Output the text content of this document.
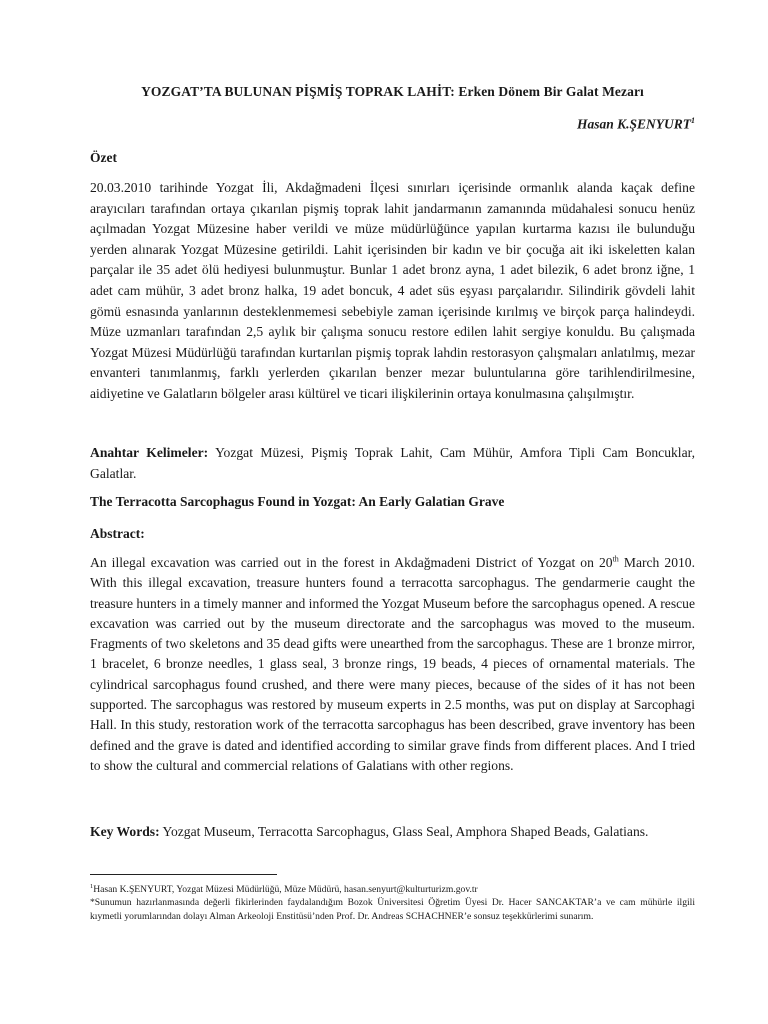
YOZGAT’TA BULUNAN PİŞMİŞ TOPRAK LAHİT: Erken Dönem Bir Galat Mezarı
Hasan K.ŞENYURT$^1$
Özet
20.03.2010 tarihinde Yozgat İli, Akdağmadeni İlçesi sınırları içerisinde ormanlık alanda kaçak define arayıcıları tarafından ortaya çıkarılan pişmiş toprak lahit jandarmanın zamanında müdahalesi sonucu henüz açılmadan Yozgat Müzesine haber verildi ve müze müdürlüğünce yapılan kurtarma kazısı ile bulunduğu yerden alınarak Yozgat Müzesine getirildi. Lahit içerisinden bir kadın ve bir çocuğa ait iki iskeletten kalan parçalar ile 35 adet ölü hediyesi bulunmuştur. Bunlar 1 adet bronz ayna, 1 adet bilezik, 6 adet bronz iğne, 1 adet cam mühür, 3 adet bronz halka, 19 adet boncuk, 4 adet süs eşyası parçalarıdır. Silindirik gövdeli lahit gömü esnasında yanlarının desteklenmemesi sebebiyle zaman içerisinde kırılmış ve birçok parça halindeydi. Müze uzmanları tarafından 2,5 aylık bir çalışma sonucu restore edilen lahit sergiye konuldu. Bu çalışmada Yozgat Müzesi Müdürlüğü tarafından kurtarılan pişmiş toprak lahdin restorasyon çalışmaları anlatılmış, mezar envanteri tanımlanmış, farklı yerlerden çıkarılan benzer mezar buluntularına göre tarihlendirilmesine, aidiyetine ve Galatların bölgeler arası kültürel ve ticari ilişkilerinin ortaya konulmasına çalışılmıştır.
Anahtar Kelimeler: Yozgat Müzesi, Pişmiş Toprak Lahit, Cam Mühür, Amfora Tipli Cam Boncuklar, Galatlar.
The Terracotta Sarcophagus Found in Yozgat: An Early Galatian Grave
Abstract:
An illegal excavation was carried out in the forest in Akdağmadeni District of Yozgat on 20th March 2010. With this illegal excavation, treasure hunters found a terracotta sarcophagus. The gendarmerie caught the treasure hunters in a timely manner and informed the Yozgat Museum before the sarcophagus opened. A rescue excavation was carried out by the museum directorate and the sarcophagus was moved to the museum. Fragments of two skeletons and 35 dead gifts were unearthed from the sarcophagus. These are 1 bronze mirror, 1 bracelet, 6 bronze needles, 1 glass seal, 3 bronze rings, 19 beads, 4 pieces of ornamental materials. The cylindrical sarcophagus found crushed, and there were many pieces, because of the sides of it has not been supported. The sarcophagus was restored by museum experts in 2.5 months, was put on display at Sarcophagi Hall. In this study, restoration work of the terracotta sarcophagus has been described, grave inventory has been defined and the grave is dated and identified according to similar grave finds from different places. And I tried to show the cultural and commercial relations of Galatians with other regions.
Key Words: Yozgat Museum, Terracotta Sarcophagus, Glass Seal, Amphora Shaped Beads, Galatians.
$^1$Hasan K.ŞENYURT, Yozgat Müzesi Müdürlüğü, Müze Müdürü, hasan.senyurt@kulturturizm.gov.tr
*Sunumun hazırlanmasında değerli fikirlerinden faydalandığım Bozok Üniversitesi Öğretim Üyesi Dr. Hacer SANCAKTAR’a ve cam mühürle ilgili kıymetli yorumlarından dolayı Alman Arkeoloji Enstitüsü’nden Prof. Dr. Andreas SCHACHNER’e sonsuz teşekkürlerimi sunarım.
